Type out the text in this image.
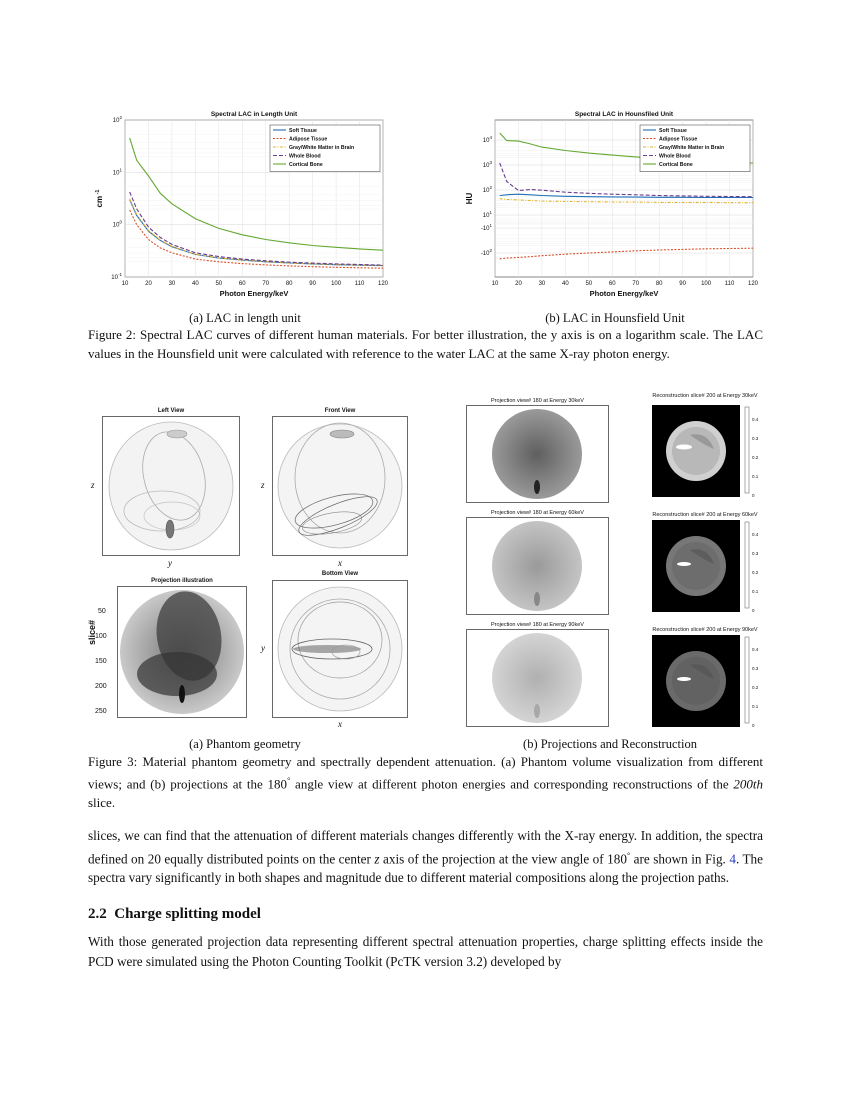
Spectral LAC in Length Unit
10	20	30	40	50	60	70	80	90	100 110 120
$10^2$
$10^1$
$10^0$
$10^{-1}$
Photon Energy/keV
cm $^{-1}$
Soft Tissue
Adipose Tissue
Gray/White Matter in Brain
Whole Blood
Cortical Bone
Spectral LAC in Hounsfiled Unit
10	20	30	40	50	60	70	80	90	100 110 120
$10^4$
$10^3$
$10^2$
$10^1$
$-10^1$
$-10^2$
Photon Energy/keV
HU
Soft Tissue
Adipose Tissue
Gray/White Matter in Brain
Whole Blood
Cortical Bone
(a) LAC in length unit	(b) LAC in Hounsfield Unit
Figure 2: Spectral LAC curves of different human materials. For better illustration, the y axis is on a logarithm scale. The LAC values in the Hounsfield unit were calculated with reference to the water LAC at the same X-ray photon energy.
Left View
z
y
Front View
z
x
Projection illustration
slice#
50
100
150
200
250
Bottom View
y
x
Projection view# 180 at Energy 30keV
Projection view# 180 at Energy 60keV
Projection view# 180 at Energy 90keV
Reconstruction slice# 200 at Energy 30keV
Reconstruction slice# 200 at Energy 60keV
Reconstruction slice# 200 at Energy 90keV
0.4
0.3
0.2
0.1
0
0.4
0.3
0.2
0.1
0
0.4
0.3
0.2
0.1
0
(a) Phantom geometry	(b) Projections and Reconstruction
Figure 3: Material phantom geometry and spectrally dependent attenuation. (a) Phantom volume visualization from different views; and (b) projections at the 180° angle view at different photon energies and corresponding reconstructions of the 200th slice.
slices, we can find that the attenuation of different materials changes differently with the X-ray energy. In addition, the spectra defined on 20 equally distributed points on the center z axis of the projection at the view angle of 180° are shown in Fig. 4. The spectra vary significantly in both shapes and magnitude due to different material compositions along the projection paths.
2.2 Charge splitting model
With those generated projection data representing different spectral attenuation properties, charge splitting effects inside the PCD were simulated using the Photon Counting Toolkit (PcTK version 3.2) developed by
